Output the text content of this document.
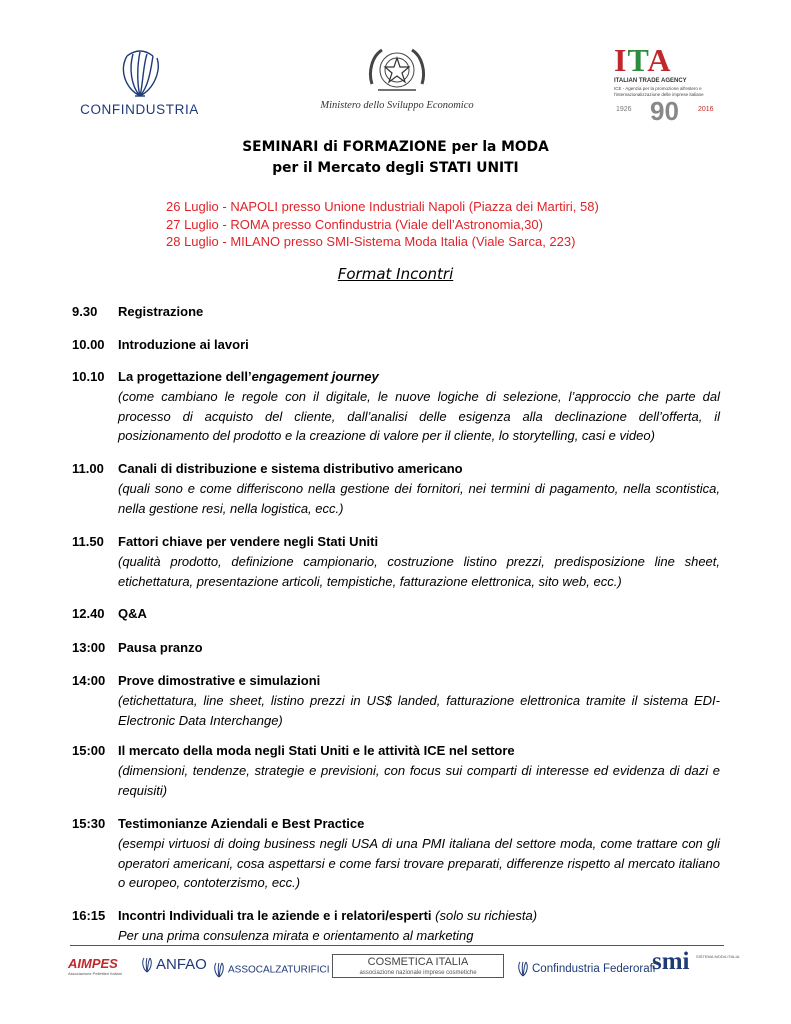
CONFINDUSTRIA	Ministero dello Sviluppo Economico
ITA
ITALIAN TRADE AGENCY
ICE - Agenzia per la promozione all'estero e l'internazionalizzazione delle imprese italiane
1926 90	2016
SEMINARI di FORMAZIONE per la MODA
per il Mercato degli STATI UNITI
26 Luglio - NAPOLI presso Unione Industriali Napoli (Piazza dei Martiri, 58)
27 Luglio - ROMA presso Confindustria (Viale dell’Astronomia,30)
28 Luglio - MILANO presso SMI-Sistema Moda Italia (Viale Sarca, 223)
Format Incontri
9.30 Registrazione
10.00 Introduzione ai lavori
10.10 La progettazione dell’engagement journey
(come cambiano le regole con il digitale, le nuove logiche di selezione, l’approccio che parte dal processo di acquisto del cliente, dall’analisi delle esigenza alla declinazione dell’offerta, il posizionamento del prodotto e la creazione di valore per il cliente, lo storytelling, casi e video)
11.00 Canali di distribuzione e sistema distributivo americano
(quali sono e come differiscono nella gestione dei fornitori, nei termini di pagamento, nella scontistica, nella gestione resi, nella logistica, ecc.)
11.50 Fattori chiave per vendere negli Stati Uniti
(qualità prodotto, definizione campionario, costruzione listino prezzi, predisposizione line sheet, etichettatura, presentazione articoli, tempistiche, fatturazione elettronica, sito web, ecc.)
12.40 Q&A
13:00 Pausa pranzo
14:00 Prove dimostrative e simulazioni
(etichettatura, line sheet, listino prezzi in US$ landed, fatturazione elettronica tramite il sistema EDI-Electronic Data Interchange)
15:00 Il mercato della moda negli Stati Uniti e le attività ICE nel settore
(dimensioni, tendenze, strategie e previsioni, con focus sui comparti di interesse ed evidenza di dazi e requisiti)
15:30 Testimonianze Aziendali e Best Practice
(esempi virtuosi di doing business negli USA di una PMI italiana del settore moda, come trattare con gli operatori americani, cosa aspettarsi e come farsi trovare preparati, differenze rispetto al mercato italiano o europeo, contoterzismo, ecc.)
16:15 Incontri Individuali tra le aziende e i relatori/esperti (solo su richiesta)
Per una prima consulenza mirata e orientamento al marketing
AIMPES
Associazione Pellettieri Italiani
ANFAO	ASSOCALZATURIFICI
COSMETICA ITALIA
associazione nazionale imprese cosmetiche	Confindustria Federorafi
smi SISTEMA MODA ITALIA
